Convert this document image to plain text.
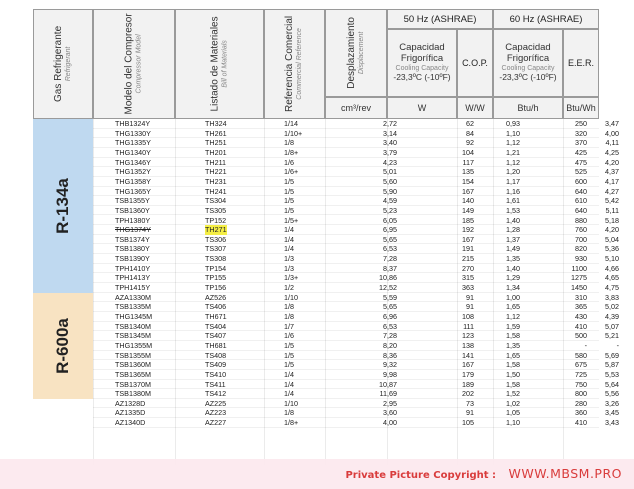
Gas Refrigerante Refrigerant	Modelo del Compresor Compressor Model	Listado de Materiales Bill of Materials	Referencia Comercial Commercial Reference	Desplazamiento Displacement
50 Hz (ASHRAE)	60 Hz (ASHRAE)
Capacidad Frigorífica
Cooling Capacity
-23,3ºC (-10ºF)
C.O.P.
Capacidad Frigorífica
Cooling Capacity
-23,3ºC (-10ºF)
E.E.R.
cm³/rev	W	W/W	Btu/h	Btu/Wh
R-134a
THB1324Y	TH324	1/14	2,72	62	0,93	250	3,47
THG1330Y	TH261	1/10+	3,14	84	1,10	320	4,00
THG1335Y	TH251	1/8	3,40	92	1,12	370	4,11
THG1340Y	TH201	1/8+	3,79	104	1,21	425	4,25
THG1346Y	TH211	1/6	4,23	117	1,12	475	4,20
THG1352Y	TH221	1/6+	5,01	135	1,20	525	4,37
THG1358Y	TH231	1/5	5,60	154	1,17	600	4,17
THG1365Y	TH241	1/5	5,90	167	1,16	640	4,27
TSB1355Y	TS304	1/5	4,59	140	1,61	610	5,42
TSB1360Y	TS305	1/5	5,23	149	1,53	640	5,11
TPH1380Y	TP152	1/5+	6,05	185	1,40	880	5,18
THG1374Y	TH271	1/4	6,95	192	1,28	760	4,20
TSB1374Y	TS306	1/4	5,65	167	1,37	700	5,04
TSB1380Y	TS307	1/4	6,53	191	1,49	820	5,36
TSB1390Y	TS308	1/3	7,28	215	1,35	930	5,10
TPH1410Y	TP154	1/3	8,37	270	1,40	1100	4,66
TPH1413Y	TP155	1/3+	10,86	315	1,29	1275	4,65
TPH1415Y	TP156	1/2	12,52	363	1,34	1450	4,75
R-600a
AZA1330M	AZ526	1/10	5,59	91	1,00	310	3,83
TSB1335M	TS406	1/8	5,65	91	1,65	365	5,02
THG1345M	TH671	1/8	6,96	108	1,12	430	4,39
TSB1340M	TS404	1/7	6,53	111	1,59	410	5,07
TSB1345M	TS407	1/6	7,28	123	1,58	500	5,21
THG1355M	TH681	1/5	8,20	138	1,35	-	-
TSB1355M	TS408	1/5	8,36	141	1,65	580	5,69
TSB1360M	TS409	1/5	9,32	167	1,58	675	5,87
TSB1365M	TS410	1/4	9,98	179	1,50	725	5,53
TSB1370M	TS411	1/4	10,87	189	1,58	750	5,64
TSB1380M	TS412	1/4	11,69	202	1,52	800	5,56
AZ1328D	AZ225	1/10	2,95	73	1,02	280	3,26
AZ1335D	AZ223	1/8	3,60	91	1,05	360	3,45
AZ1340D	AZ227	1/8+	4,00	105	1,10	410	3,43
Private Picture Copyright : WWW.MBSM.PRO
